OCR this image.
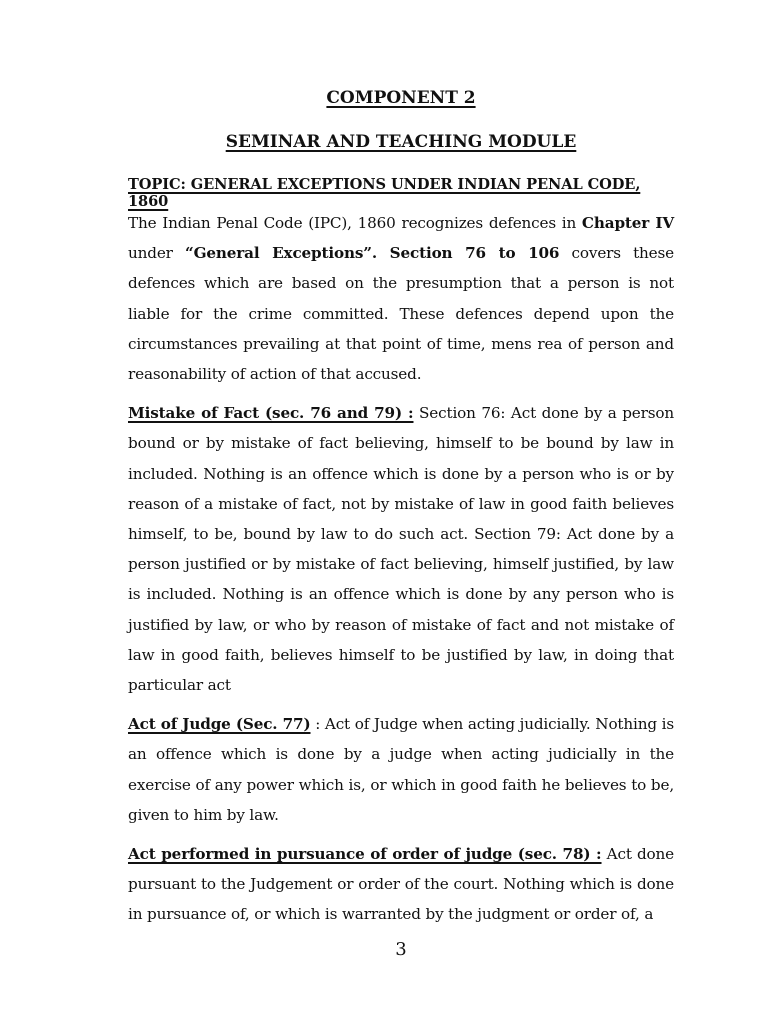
COMPONENT 2
SEMINAR AND TEACHING MODULE
TOPIC: GENERAL EXCEPTIONS UNDER INDIAN PENAL CODE, 1860

The Indian Penal Code (IPC), 1860 recognizes defences in Chapter IV under “General Exceptions”. Section 76 to 106 covers these defences which are based on the presumption that a person is not liable for the crime committed. These defences depend upon the circumstances prevailing at that point of time, mens rea of person and reasonability of action of that accused.

Mistake of Fact (sec. 76 and 79) : Section 76: Act done by a person bound or by mistake of fact believing, himself to be bound by law in included. Nothing is an offence which is done by a person who is or by reason of a mistake of fact, not by mistake of law in good faith believes himself, to be, bound by law to do such act. Section 79: Act done by a person justified or by mistake of fact believing, himself justified, by law is included. Nothing is an offence which is done by any person who is justified by law, or who by reason of mistake of fact and not mistake of law in good faith, believes himself to be justified by law, in doing that particular act

Act of Judge (Sec. 77) : Act of Judge when acting judicially. Nothing is an offence which is done by a judge when acting judicially in the exercise of any power which is, or which in good faith he believes to be, given to him by law.

Act performed in pursuance of order of judge (sec. 78) : Act done pursuant to the Judgement or order of the court. Nothing which is done in pursuance of, or which is warranted by the judgment or order of, a

3
